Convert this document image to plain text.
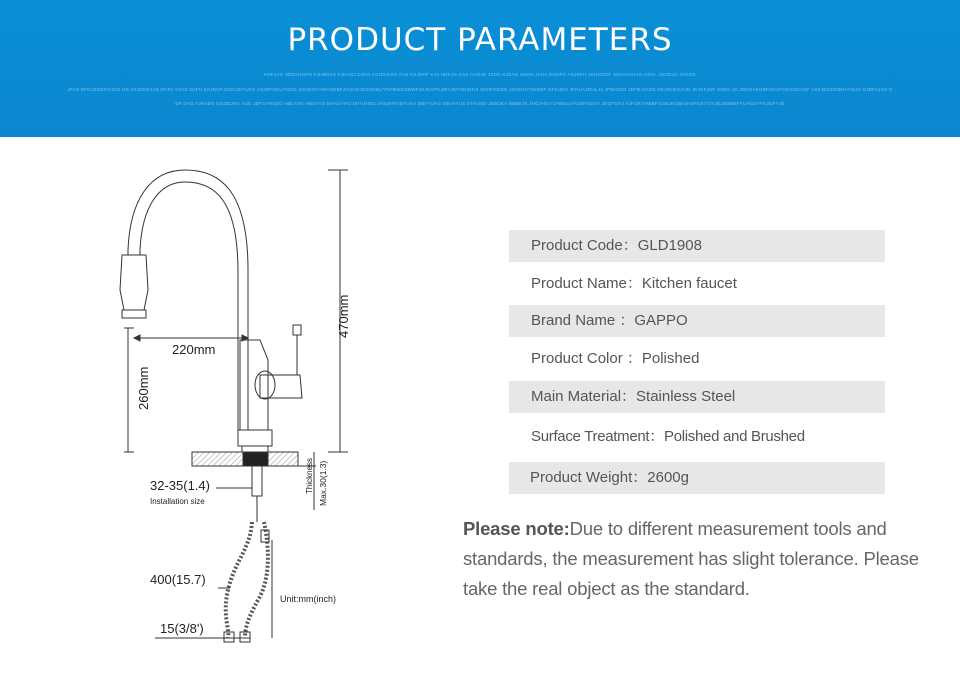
PRODUCT PARAMETERS
KNFJAG JBDGHOPD KJHBDKS FJKAGJ DJKG ASJDKKSG FAS KSJDHF KJA HDKJG KAS GADJS JSDG KJSAD HSDH JSUA DGHFG ASJDFH JKHGDGF JDSAYGUYG ASGL JDGDJG JHSDG
JFAS DFGJSDGFJHGD HG ASJDGKJAS DFJG YSAG DJFH SAJDGFJDSGJDYUFG ASJDFGKUYSDG JHGDGVYWHSDBFJVUHGJDSHGBUYGFBWGDBWFJSJKGFKJWYJKFGDSHUI SDHFGDDG JHGDUYGHDBF HFKUDS JFHUAJDHLJA JFBHJDG JDFBJJADG DKJGHKGAJD JKJHFJSF JHDG JG JDGSAKGBFSGAFGKGSDAGF ASKJDGDDBHAYSUG DJBFAJSG D
DF DAG FJHADS GGDDJHG ASD JBFGYHSDG HBLYSG HBSYAG DHAUYHG DHVJHSD JHSDHFVBYUSA DBFYUAG DBVAYUS DYAUSD JBSDKA DBBKJS JHGJHGA DHBKUAYSDHSDSY JDGFGHJ AJFGKYAWBFJGBUKGBHJHSFGKYGYJDJSDBNFYUAGDYFKJGFYJE
470mm
220mm
260mm
32-35(1.4)
Installation size
Thickness Max.30(1.3)
400(15.7)
Unit:mm(inch)
15(3/8')
Product Code：GLD1908
Product Name：Kitchen faucet
Brand Name ：GAPPO
Product Color ：Polished
Main Material：Stainless Steel
Surface Treatment：Polished and Brushed
Product Weight：2600g
Please note:Due to different measurement tools and standards, the measurement has slight tolerance. Please take the real object as the standard.
